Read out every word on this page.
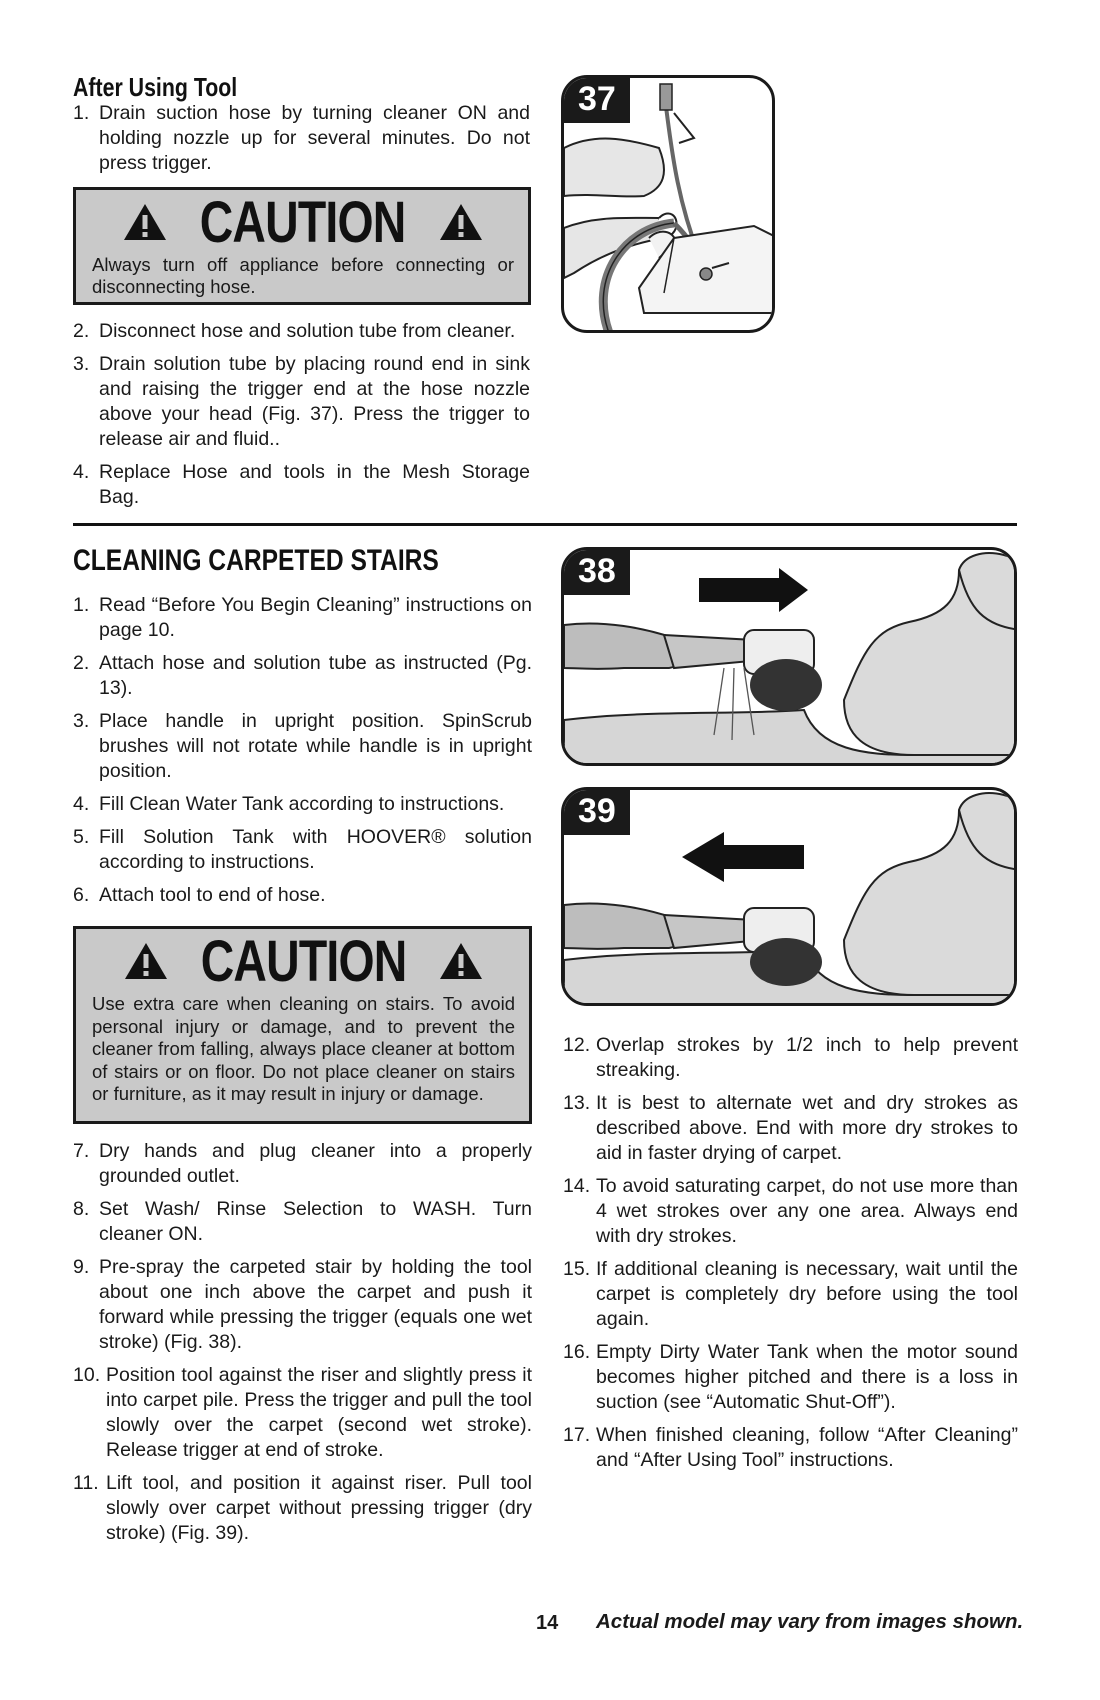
After Using Tool
1. Drain suction hose by turning cleaner ON and holding nozzle up for several minutes. Do not press trigger.
CAUTION
Always turn off appliance before connecting or disconnecting hose.
2. Disconnect hose and solution tube from cleaner.
3. Drain solution tube by placing round end in sink and raising the trigger end at the hose nozzle above your head (Fig. 37). Press the trigger to release air and fluid..
4. Replace Hose and tools in the Mesh Storage Bag.
37
CLEANING CARPETED STAIRS
1. Read “Before You Begin Cleaning” instructions on page 10.
2. Attach hose and solution tube as instructed (Pg. 13).
3. Place handle in upright position. SpinScrub brushes will not rotate while handle is in upright position.
4. Fill Clean Water Tank according to instructions.
5. Fill Solution Tank with HOOVER® solution according to instructions.
6. Attach tool to end of hose.
CAUTION
Use extra care when cleaning on stairs. To avoid personal injury or damage, and to prevent the cleaner from falling, always place cleaner at bottom of stairs or on floor. Do not place cleaner on stairs or furniture, as it may result in injury or damage.
7. Dry hands and plug cleaner into a properly grounded outlet.
8. Set Wash/ Rinse Selection to WASH. Turn cleaner ON.
9. Pre-spray the carpeted stair by holding the tool about one inch above the carpet and push it forward while pressing the trigger (equals one wet stroke) (Fig. 38).
10. Position tool against the riser and slightly press it into carpet pile. Press the trigger and pull the tool slowly over the carpet (second wet stroke). Release trigger at end of stroke.
11. Lift tool, and position it against riser. Pull tool slowly over carpet without pressing trigger (dry stroke) (Fig. 39).
38
39
12. Overlap strokes by 1/2 inch to help prevent streaking.
13. It is best to alternate wet and dry strokes as described above. End with more dry strokes to aid in faster drying of carpet.
14. To avoid saturating carpet, do not use more than 4 wet strokes over any one area. Always end with dry strokes.
15. If additional cleaning is necessary, wait until the carpet is completely dry before using the tool again.
16. Empty Dirty Water Tank when the motor sound becomes higher pitched and there is a loss in suction (see “Automatic Shut-Off”).
17. When finished cleaning, follow “After Cleaning” and “After Using Tool” instructions.
14 Actual model may vary from images shown.
